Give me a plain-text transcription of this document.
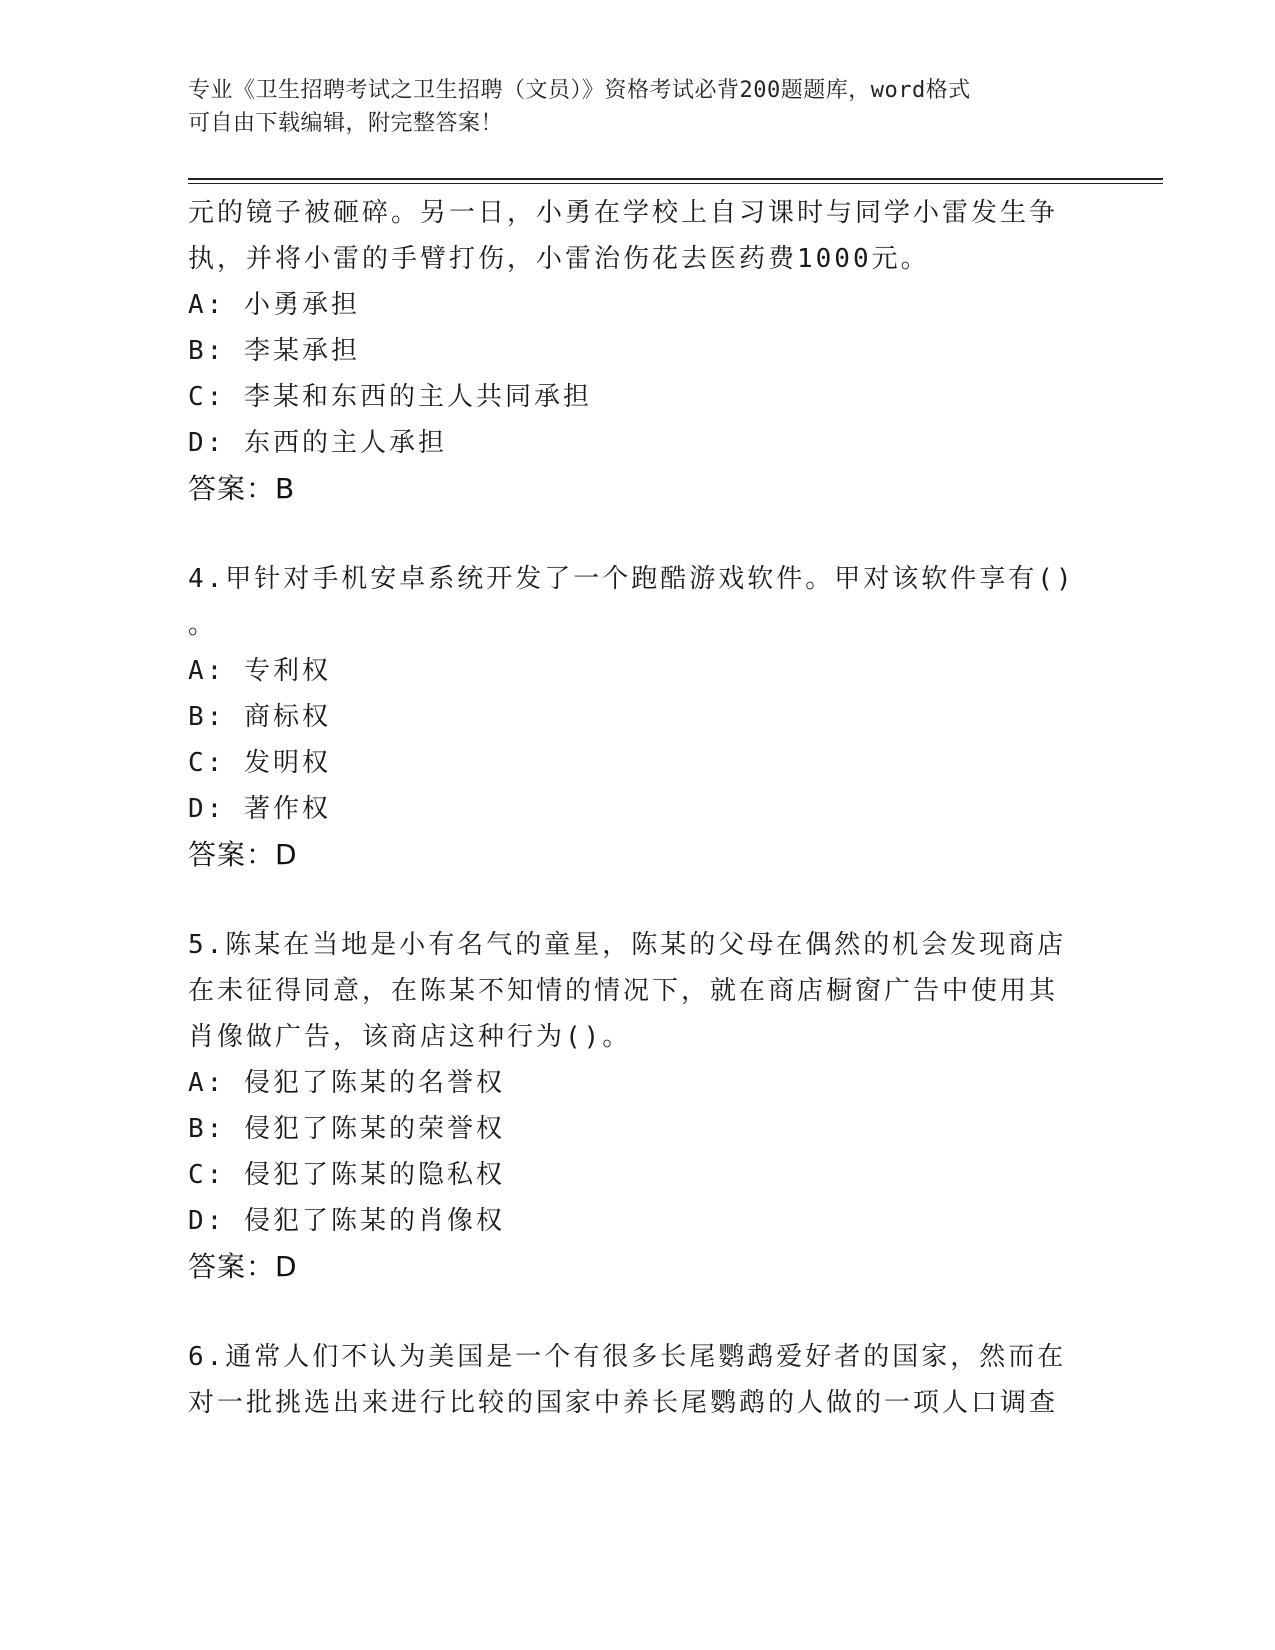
专业《卫生招聘考试之卫生招聘（文员）》资格考试必背200题题库，word格式
可自由下载编辑，附完整答案！
元的镜子被砸碎。另一日，小勇在学校上自习课时与同学小雷发生争
执，并将小雷的手臂打伤，小雷治伤花去医药费1000元。
A: 小勇承担
B: 李某承担
C: 李某和东西的主人共同承担
D: 东西的主人承担
答案：B
4.甲针对手机安卓系统开发了一个跑酷游戏软件。甲对该软件享有()
。
A: 专利权
B: 商标权
C: 发明权
D: 著作权
答案：D
5.陈某在当地是小有名气的童星，陈某的父母在偶然的机会发现商店
在未征得同意，在陈某不知情的情况下，就在商店橱窗广告中使用其
肖像做广告，该商店这种行为()。
A: 侵犯了陈某的名誉权
B: 侵犯了陈某的荣誉权
C: 侵犯了陈某的隐私权
D: 侵犯了陈某的肖像权
答案：D
6.通常人们不认为美国是一个有很多长尾鹦鹉爱好者的国家，然而在
对一批挑选出来进行比较的国家中养长尾鹦鹉的人做的一项人口调查
